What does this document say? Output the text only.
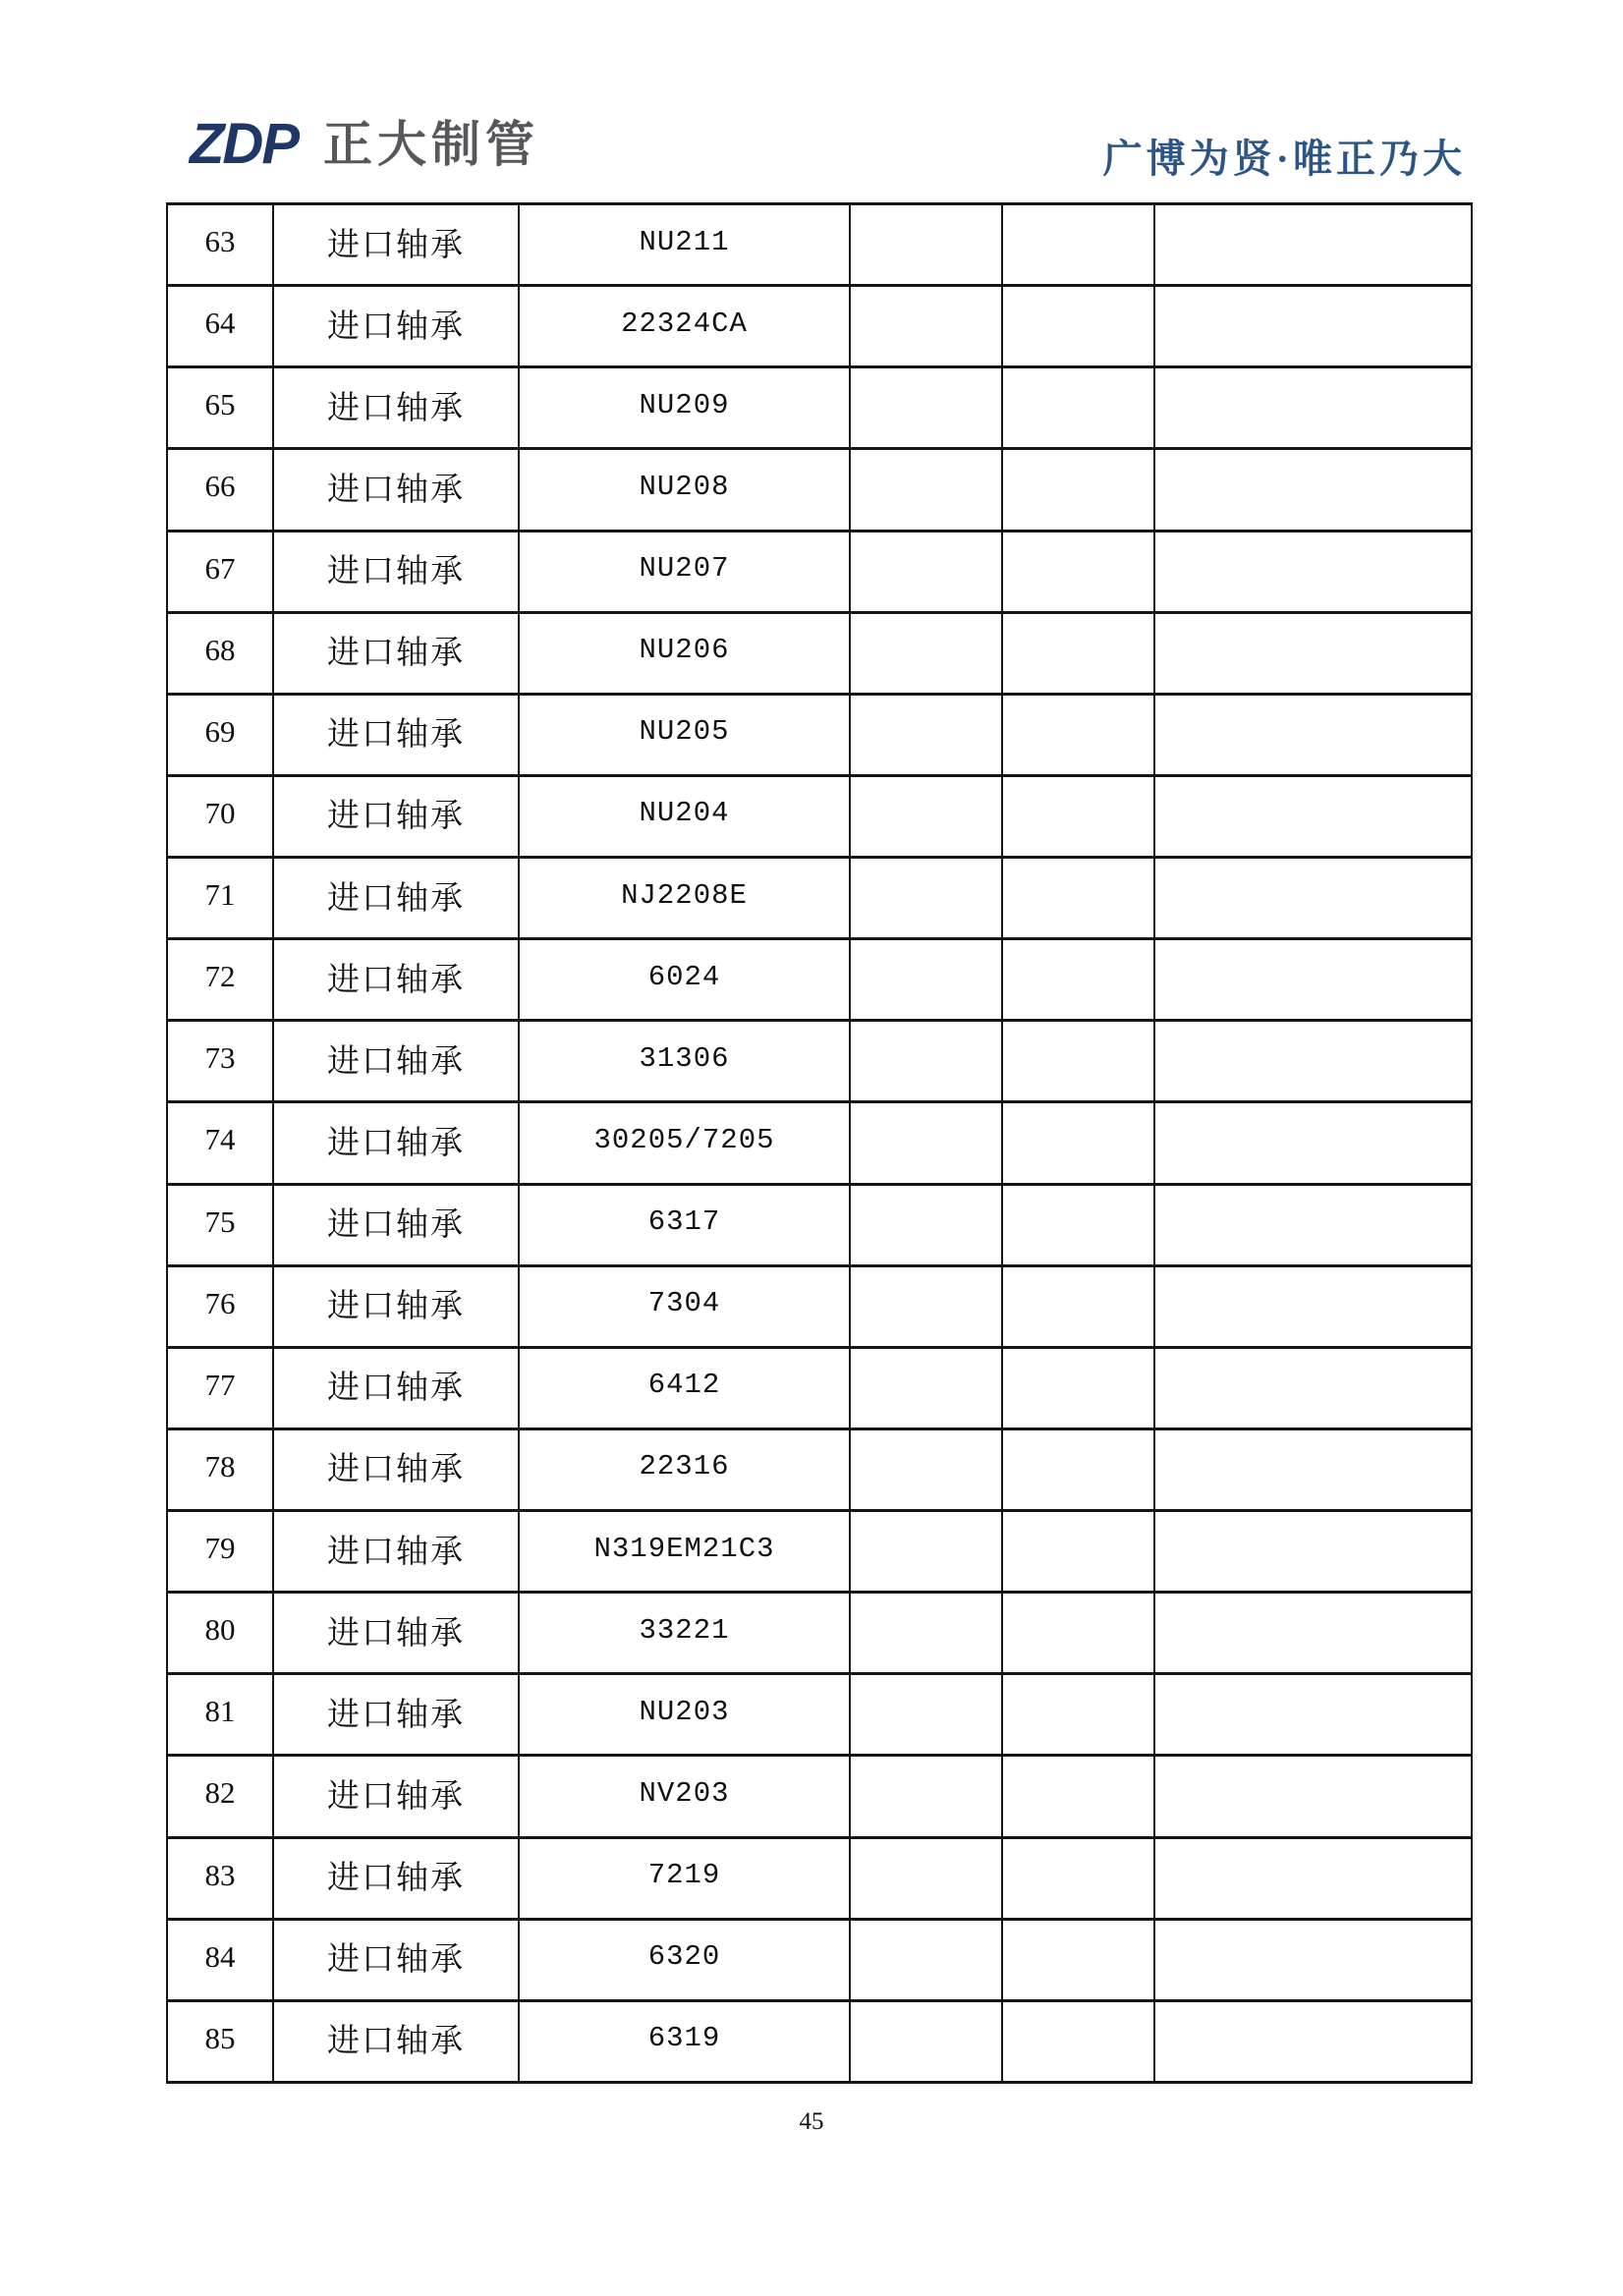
ZDP 正大制管	广博为贤·唯正乃大
63	进口轴承	NU211			
64	进口轴承	22324CA			
65	进口轴承	NU209			
66	进口轴承	NU208			
67	进口轴承	NU207			
68	进口轴承	NU206			
69	进口轴承	NU205			
70	进口轴承	NU204			
71	进口轴承	NJ2208E			
72	进口轴承	6024			
73	进口轴承	31306			
74	进口轴承	30205/7205			
75	进口轴承	6317			
76	进口轴承	7304			
77	进口轴承	6412			
78	进口轴承	22316			
79	进口轴承	N319EM21C3			
80	进口轴承	33221			
81	进口轴承	NU203			
82	进口轴承	NV203			
83	进口轴承	7219			
84	进口轴承	6320			
85	进口轴承	6319			
45
